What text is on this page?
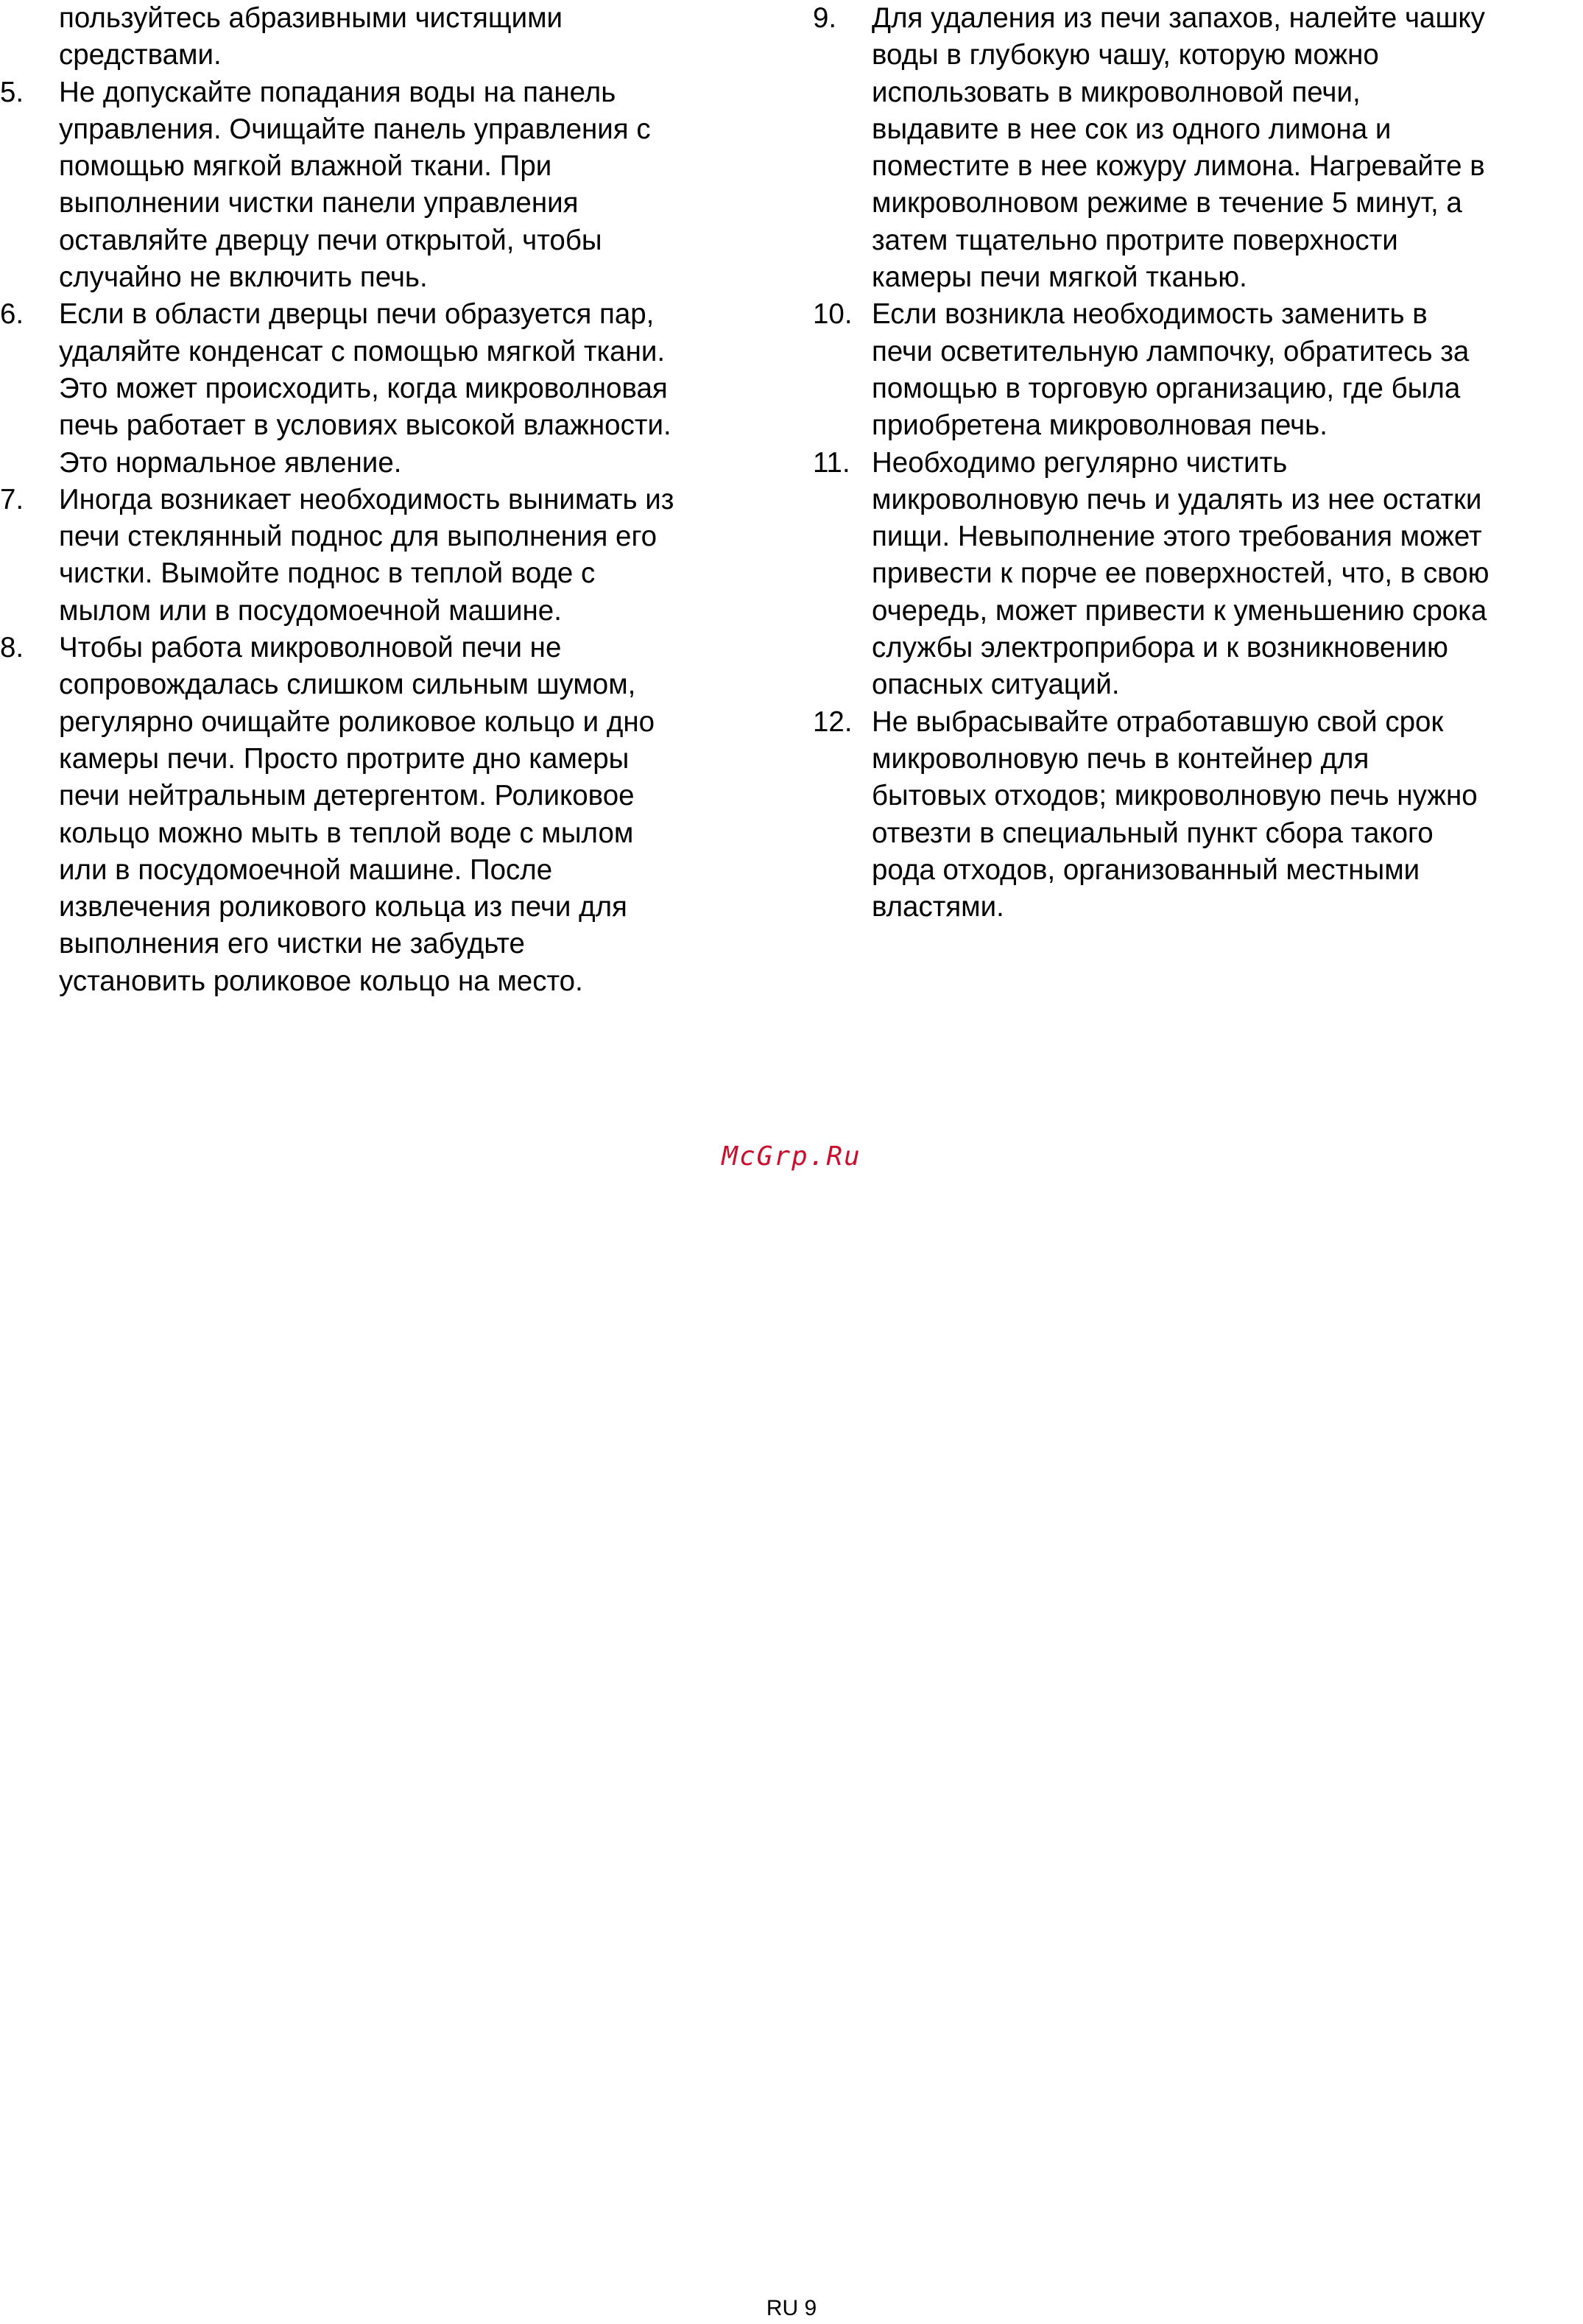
пользуйтесь абразивными чистящими
средствами.
5. Не допускайте попадания воды на панель
управления. Очищайте панель управления с
помощью мягкой влажной ткани. При
выполнении чистки панели управления
оставляйте дверцу печи открытой, чтобы
случайно не включить печь.
6. Если в области дверцы печи образуется пар,
удаляйте конденсат с помощью мягкой ткани.
Это может происходить, когда микроволновая
печь работает в условиях высокой влажности.
Это нормальное явление.
7. Иногда возникает необходимость вынимать из
печи стеклянный поднос для выполнения его
чистки. Вымойте поднос в теплой воде с
мылом или в посудомоечной машине.
8. Чтобы работа микроволновой печи не
сопровождалась слишком сильным шумом,
регулярно очищайте роликовое кольцо и дно
камеры печи. Просто протрите дно камеры
печи нейтральным детергентом. Роликовое
кольцо можно мыть в теплой воде с мылом
или в посудомоечной машине. После
извлечения роликового кольца из печи для
выполнения его чистки не забудьте
установить роликовое кольцо на место.
9. Для удаления из печи запахов, налейте чашку
воды в глубокую чашу, которую можно
использовать в микроволновой печи,
выдавите в нее сок из одного лимона и
поместите в нее кожуру лимона. Нагревайте в
микроволновом режиме в течение 5 минут, а
затем тщательно протрите поверхности
камеры печи мягкой тканью.
10. Если возникла необходимость заменить в
печи осветительную лампочку, обратитесь за
помощью в торговую организацию, где была
приобретена микроволновая печь.
11. Необходимо регулярно чистить
микроволновую печь и удалять из нее остатки
пищи. Невыполнение этого требования может
привести к порче ее поверхностей, что, в свою
очередь, может привести к уменьшению срока
службы электроприбора и к возникновению
опасных ситуаций.
12. Не выбрасывайте отработавшую свой срок
микроволновую печь в контейнер для
бытовых отходов; микроволновую печь нужно
отвезти в специальный пункт сбора такого
рода отходов, организованный местными
властями.
McGrp.Ru
RU 9
